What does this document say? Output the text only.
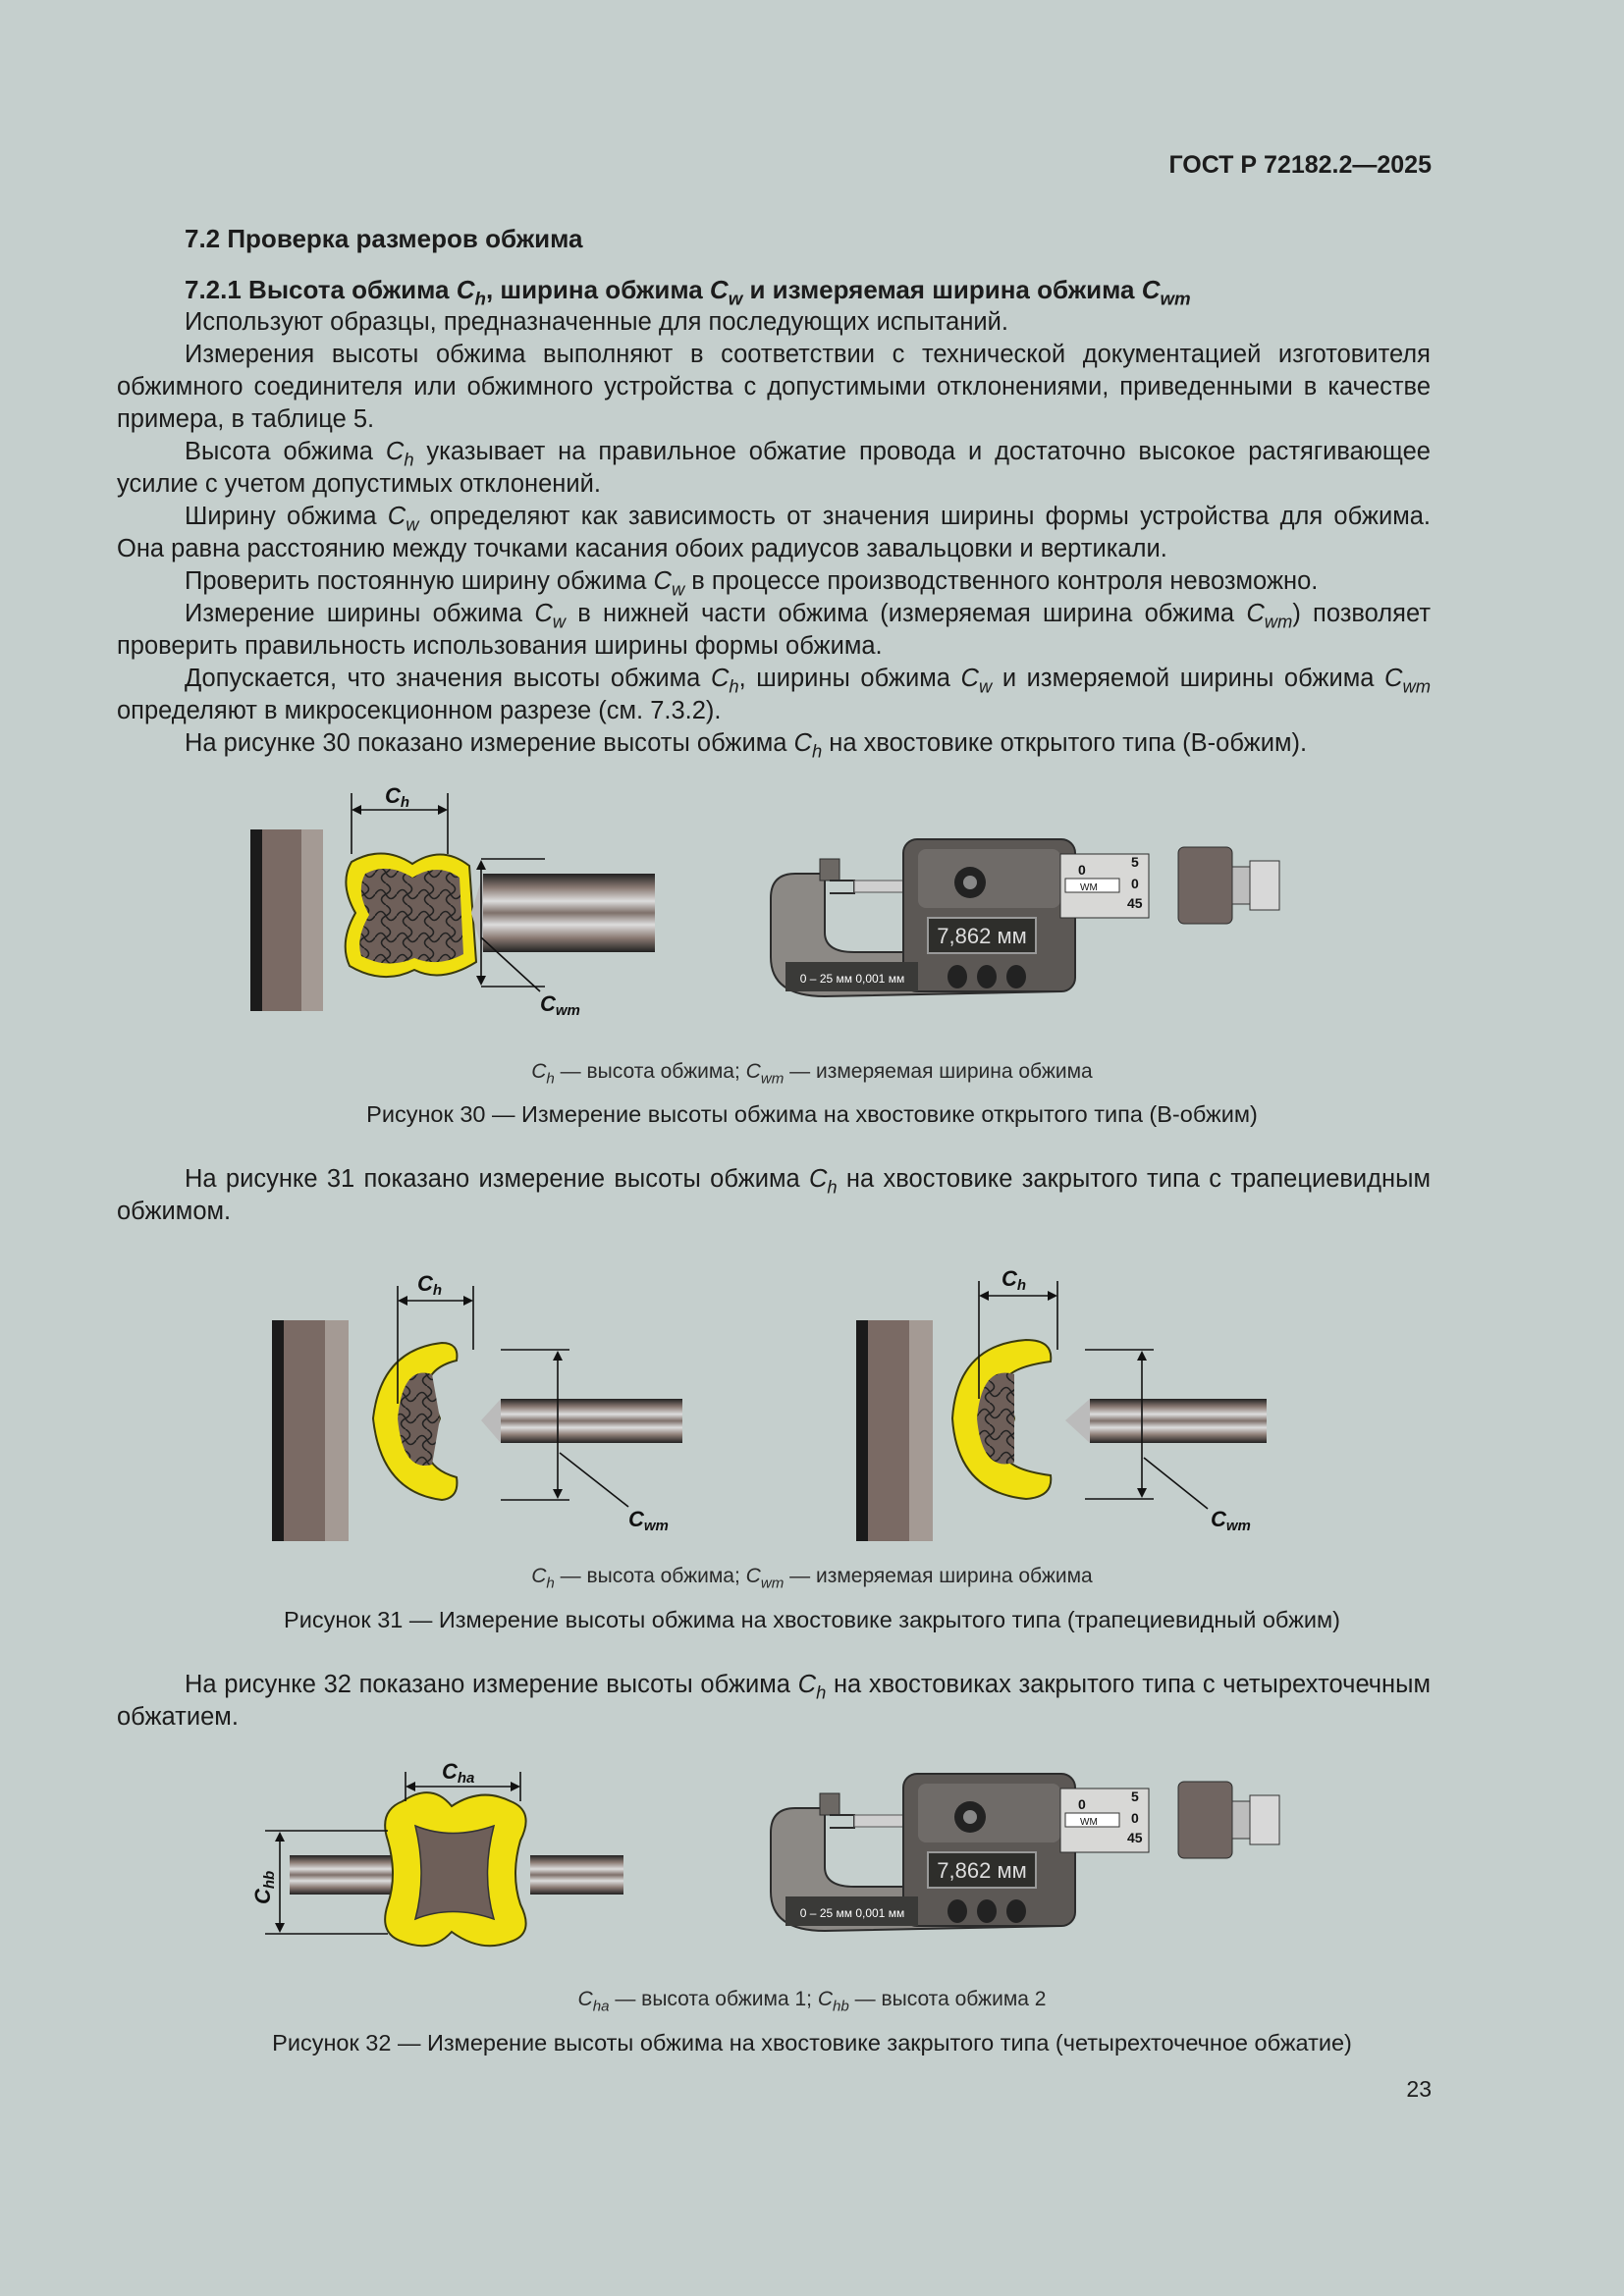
ГОСТ Р 72182.2—2025
7.2 Проверка размеров обжима
7.2.1 Высота обжима $C_h$, ширина обжима $C_w$ и измеряемая ширина обжима $C_{wm}$

Используют образцы, предназначенные для последующих испытаний.

Измерения высоты обжима выполняют в соответствии с технической документацией изготовителя обжимного соединителя или обжимного устройства с допустимыми отклонениями, приведенными в качестве примера, в таблице 5.

Высота обжима $C_h$ указывает на правильное обжатие провода и достаточно высокое растягивающее усилие с учетом допустимых отклонений.

Ширину обжима $C_w$ определяют как зависимость от значения ширины формы устройства для обжима. Она равна расстоянию между точками касания обоих радиусов завальцовки и вертикали.

Проверить постоянную ширину обжима $C_w$ в процессе производственного контроля невозможно.

Измерение ширины обжима $C_w$ в нижней части обжима (измеряемая ширина обжима $C_{wm}$) позволяет проверить правильность использования ширины формы обжима.

Допускается, что значения высоты обжима $C_h$, ширины обжима $C_w$ и измеряемой ширины обжима $C_{wm}$ определяют в микросекционном разрезе (см. 7.3.2).

На рисунке 30 показано измерение высоты обжима $C_h$ на хвостовике открытого типа (В-обжим).

Ch
Cwm
7,862 мм
0 – 25 мм 0,001 мм
0
WM
5
0
45
$C_h$ — высота обжима; $C_{wm}$ — измеряемая ширина обжима
Рисунок 30 — Измерение высоты обжима на хвостовике открытого типа (В-обжим)

На рисунке 31 показано измерение высоты обжима $C_h$ на хвостовике закрытого типа с трапециевидным обжимом.

Ch
Cwm
Ch
Cwm
$C_h$ — высота обжима; $C_{wm}$ — измеряемая ширина обжима
Рисунок 31 — Измерение высоты обжима на хвостовике закрытого типа (трапециевидный обжим)

На рисунке 32 показано измерение высоты обжима $C_h$ на хвостовиках закрытого типа с четырехточечным обжатием.

Cha
Chb	7,862 мм
0 – 25 мм 0,001 мм
0
WM
5
0
45
$C_{ha}$ — высота обжима 1; $C_{hb}$ — высота обжима 2
Рисунок 32 — Измерение высоты обжима на хвостовике закрытого типа (четырехточечное обжатие)
23
